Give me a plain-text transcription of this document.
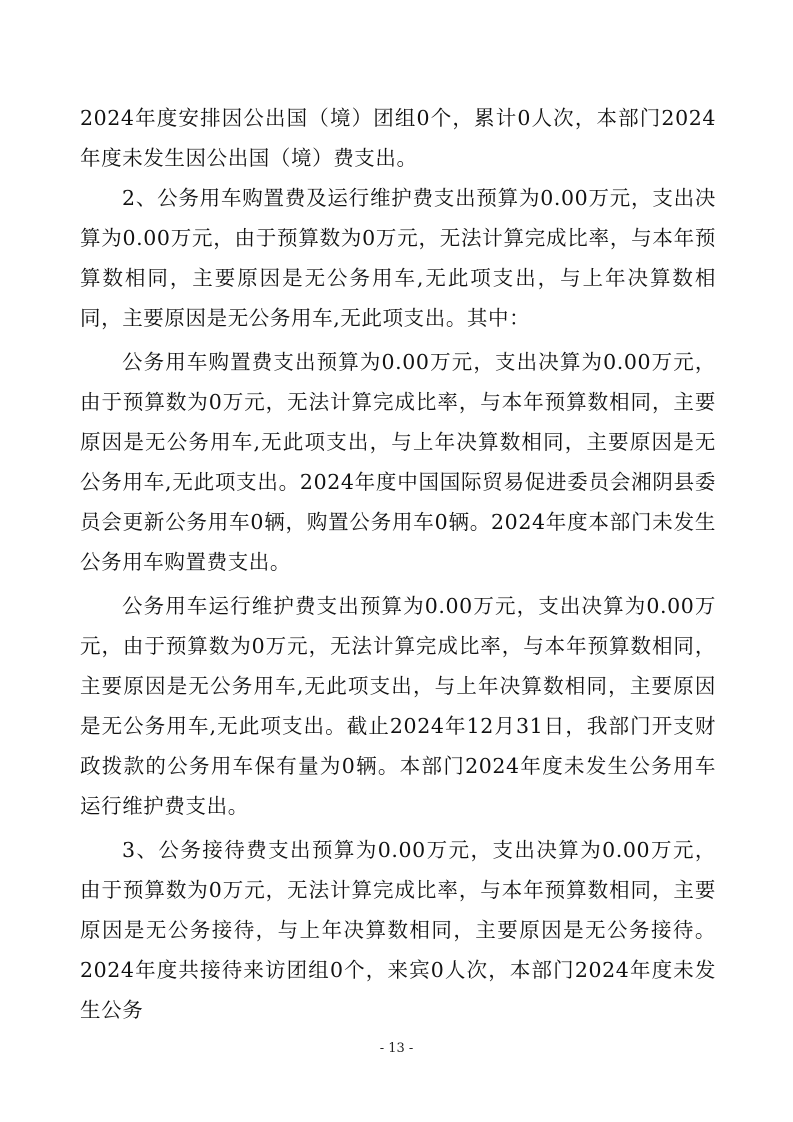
2024年度安排因公出国（境）团组0个，累计0人次，本部门2024年度未发生因公出国（境）费支出。

2、公务用车购置费及运行维护费支出预算为0.00万元，支出决算为0.00万元，由于预算数为0万元，无法计算完成比率，与本年预算数相同，主要原因是无公务用车,无此项支出，与上年决算数相同，主要原因是无公务用车,无此项支出。其中：

公务用车购置费支出预算为0.00万元，支出决算为0.00万元，由于预算数为0万元，无法计算完成比率，与本年预算数相同，主要原因是无公务用车,无此项支出，与上年决算数相同，主要原因是无公务用车,无此项支出。2024年度中国国际贸易促进委员会湘阴县委员会更新公务用车0辆，购置公务用车0辆。2024年度本部门未发生公务用车购置费支出。

公务用车运行维护费支出预算为0.00万元，支出决算为0.00万元，由于预算数为0万元，无法计算完成比率，与本年预算数相同，主要原因是无公务用车,无此项支出，与上年决算数相同，主要原因是无公务用车,无此项支出。截止2024年12月31日，我部门开支财政拨款的公务用车保有量为0辆。本部门2024年度未发生公务用车运行维护费支出。

3、公务接待费支出预算为0.00万元，支出决算为0.00万元，由于预算数为0万元，无法计算完成比率，与本年预算数相同，主要原因是无公务接待，与上年决算数相同，主要原因是无公务接待。2024年度共接待来访团组0个，来宾0人次，本部门2024年度未发生公务

- 13 -
